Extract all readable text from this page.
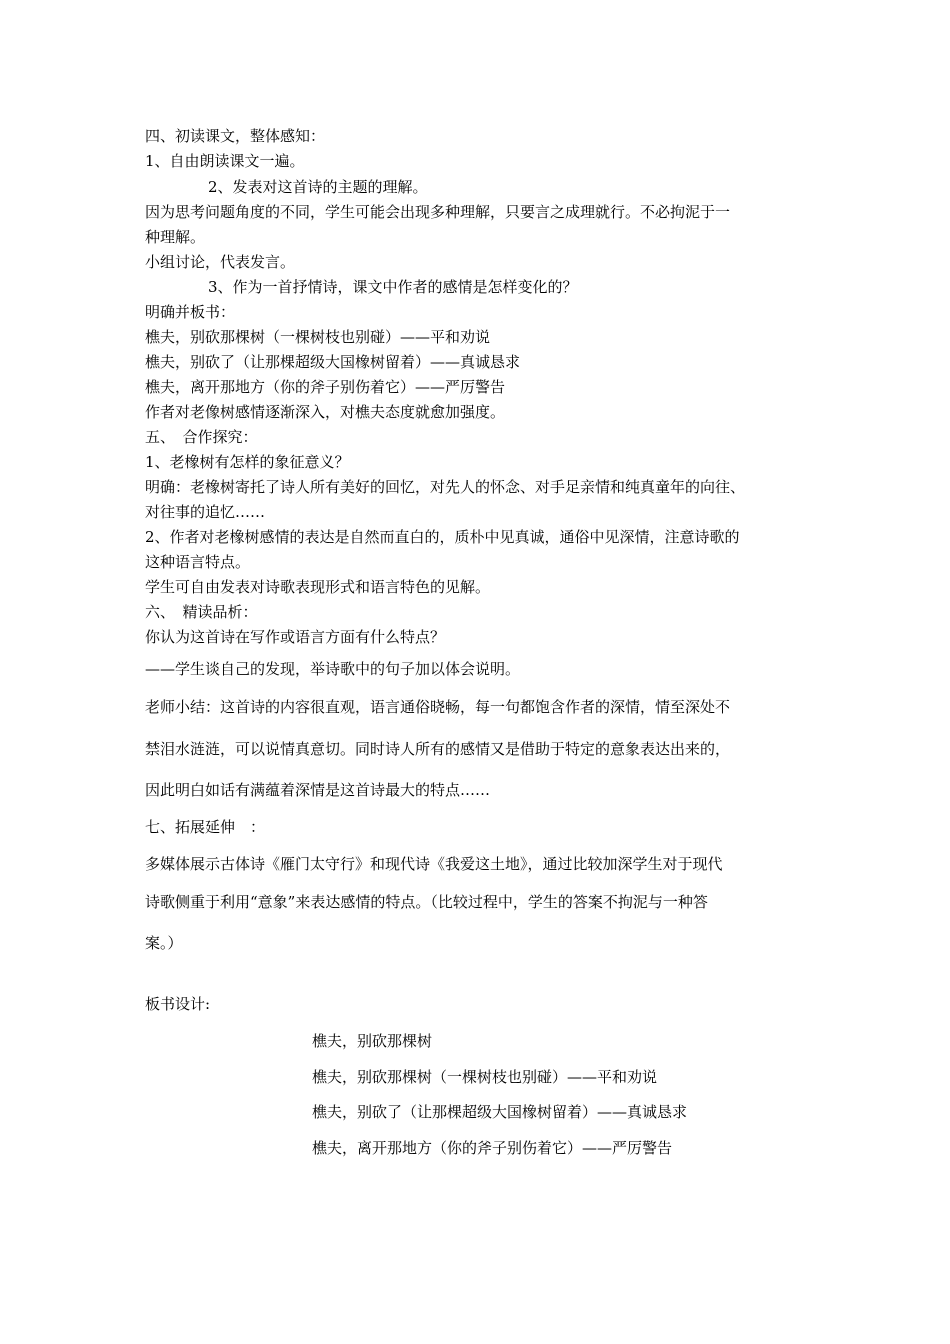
四、初读课文，整体感知：

1、自由朗读课文一遍。

2、发表对这首诗的主题的理解。

因为思考问题角度的不同，学生可能会出现多种理解，只要言之成理就行。不必拘泥于一

种理解。

小组讨论，代表发言。

3、作为一首抒情诗，课文中作者的感情是怎样变化的？

明确并板书：

樵夫，别砍那棵树（一棵树枝也别碰）——平和劝说

樵夫，别砍了（让那棵超级大国橡树留着）——真诚恳求

樵夫，离开那地方（你的斧子别伤着它）——严厉警告

作者对老像树感情逐渐深入，对樵夫态度就愈加强度。

五、　合作探究：

1、老橡树有怎样的象征意义？

明确：老橡树寄托了诗人所有美好的回忆，对先人的怀念、对手足亲情和纯真童年的向往、

对往事的追忆……

2、作者对老橡树感情的表达是自然而直白的，质朴中见真诚，通俗中见深情，注意诗歌的

这种语言特点。

学生可自由发表对诗歌表现形式和语言特色的见解。

六、　精读品析：

你认为这首诗在写作或语言方面有什么特点？

——学生谈自己的发现，举诗歌中的句子加以体会说明。

老师小结：这首诗的内容很直观，语言通俗晓畅，每一句都饱含作者的深情，情至深处不

禁泪水涟涟，可以说情真意切。同时诗人所有的感情又是借助于特定的意象表达出来的，

因此明白如话有满蕴着深情是这首诗最大的特点……

七、拓展延伸　：

多媒体展示古体诗《雁门太守行》和现代诗《我爱这土地》，通过比较加深学生对于现代

诗歌侧重于利用“意象”来表达感情的特点。（比较过程中，学生的答案不拘泥与一种答

案。）

板书设计:

樵夫，别砍那棵树

樵夫，别砍那棵树（一棵树枝也别碰）——平和劝说

樵夫，别砍了（让那棵超级大国橡树留着）——真诚恳求

樵夫，离开那地方（你的斧子别伤着它）——严厉警告
